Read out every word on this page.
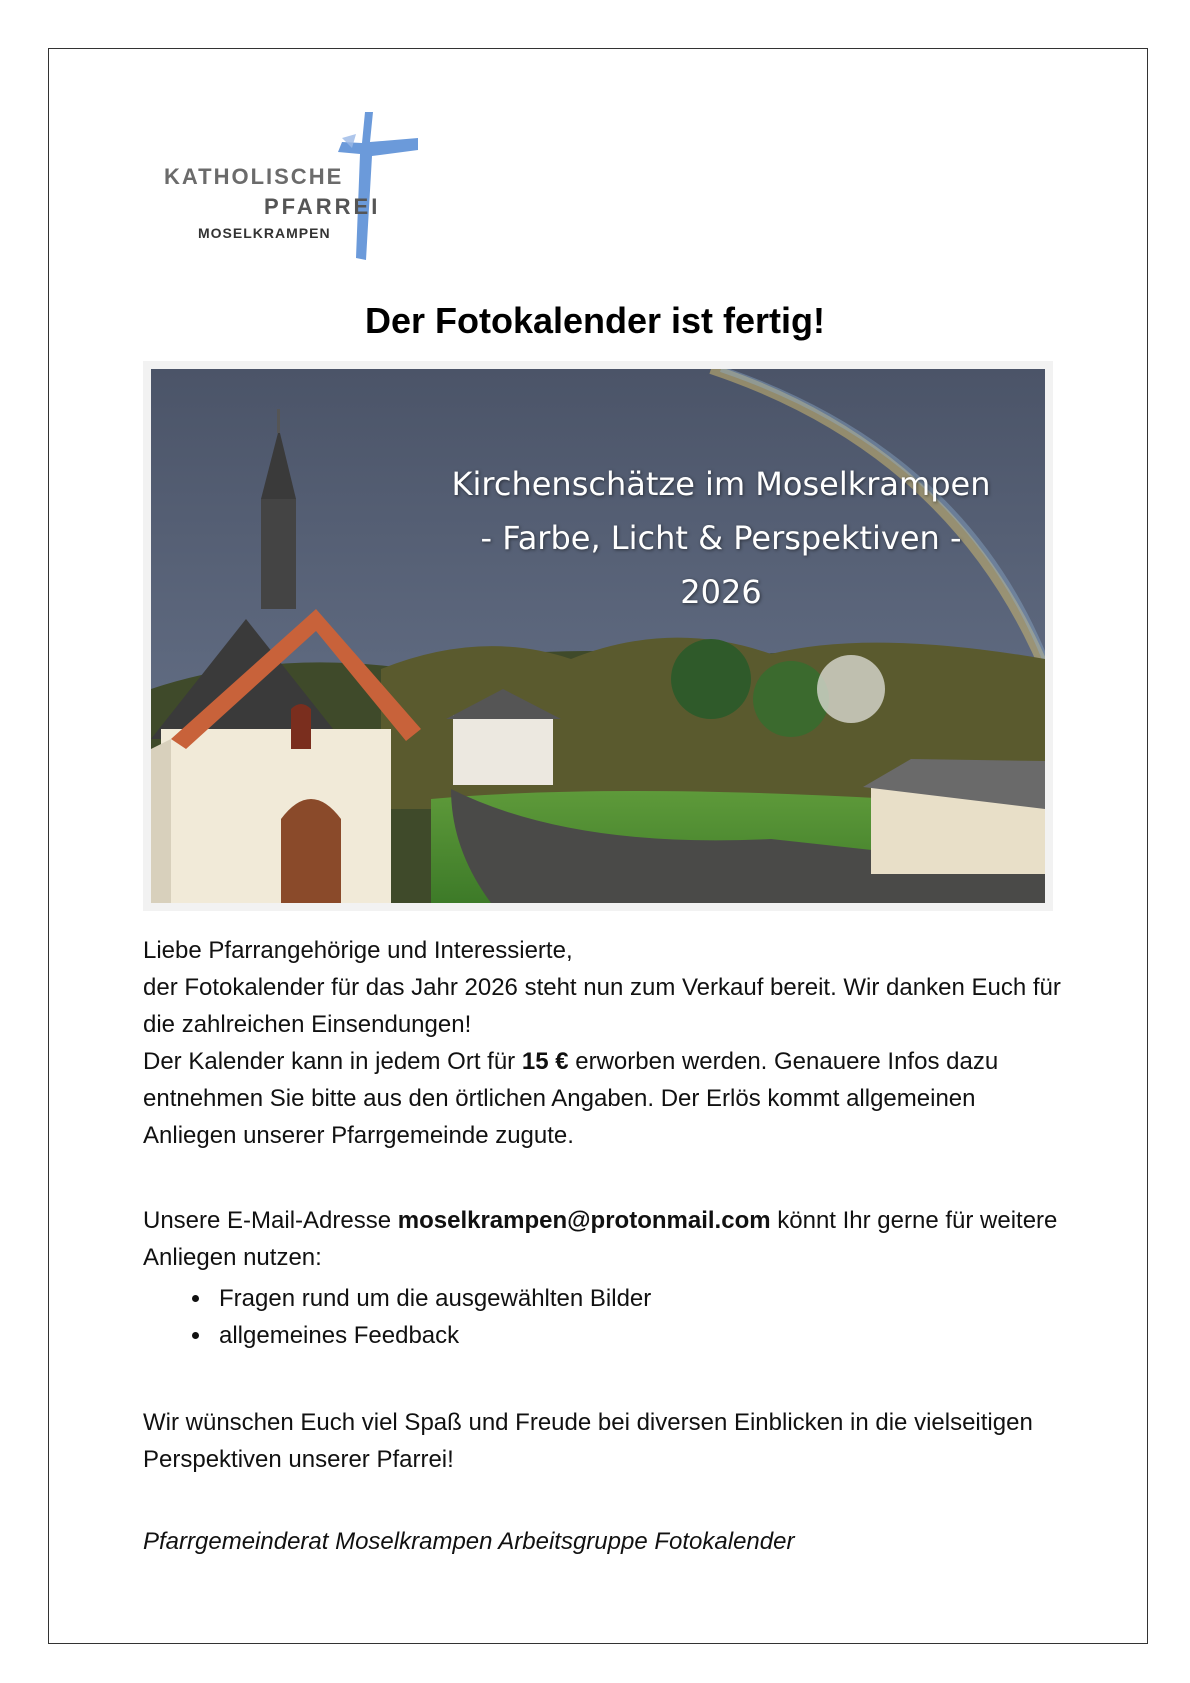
KATHOLISCHE
PFARREI
MOSELKRAMPEN
Der Fotokalender ist fertig!
Kirchenschätze im Moselkrampen
- Farbe, Licht & Perspektiven -
2026

Liebe Pfarrangehörige und Interessierte,

der Fotokalender für das Jahr 2026 steht nun zum Verkauf bereit. Wir danken Euch für die zahlreichen Einsendungen!

Der Kalender kann in jedem Ort für 15 € erworben werden. Genauere Infos dazu entnehmen Sie bitte aus den örtlichen Angaben. Der Erlös kommt allgemeinen Anliegen unserer Pfarrgemeinde zugute.

Unsere E-Mail-Adresse moselkrampen@protonmail.com könnt Ihr gerne für weitere Anliegen nutzen:

• Fragen rund um die ausgewählten Bilder
• allgemeines Feedback

Wir wünschen Euch viel Spaß und Freude bei diversen Einblicken in die vielseitigen Perspektiven unserer Pfarrei!

Pfarrgemeinderat Moselkrampen Arbeitsgruppe Fotokalender
